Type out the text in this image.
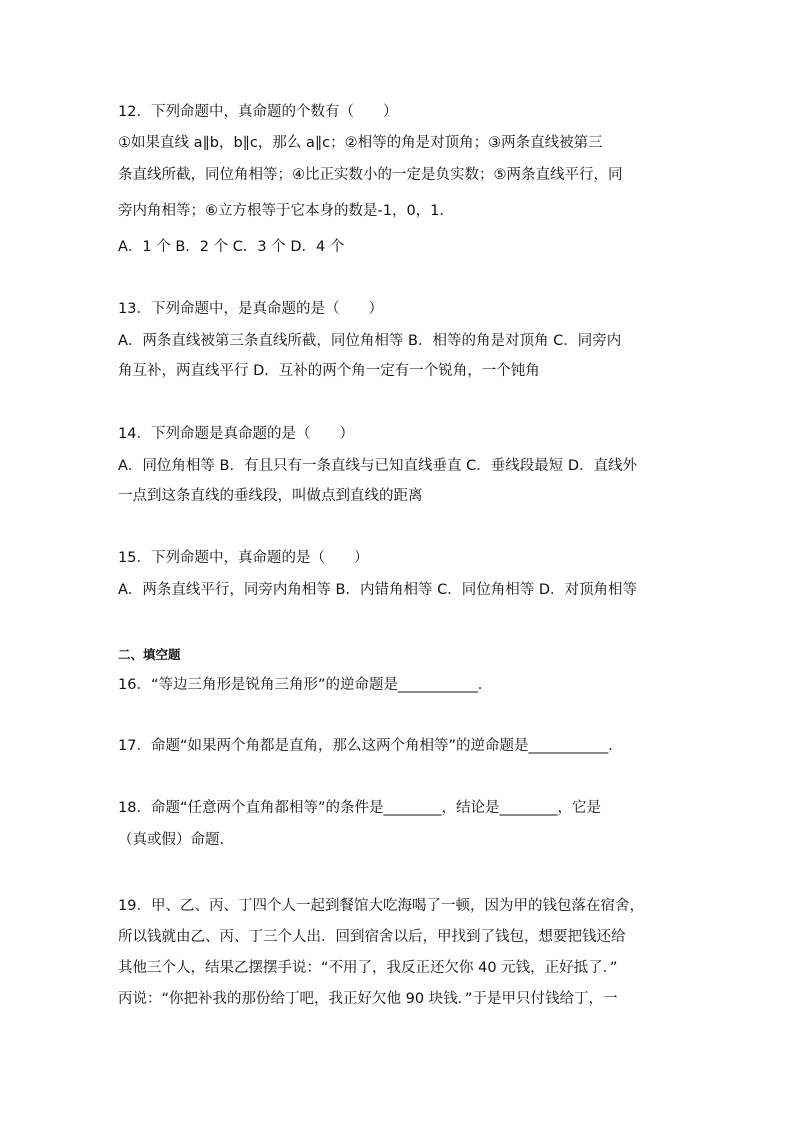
12．下列命题中，真命题的个数有（　　）
①如果直线 a∥b，b∥c，那么 a∥c；②相等的角是对顶角；③两条直线被第三
条直线所截，同位角相等；④比正实数小的一定是负实数；⑤两条直线平行，同
旁内角相等；⑥立方根等于它本身的数是-1，0，1．
A．1 个 B．2 个 C．3 个 D．4 个
13．下列命题中，是真命题的是（　　）
A．两条直线被第三条直线所截，同位角相等 B．相等的角是对顶角 C．同旁内
角互补，两直线平行 D．互补的两个角一定有一个锐角，一个钝角
14．下列命题是真命题的是（　　）
A．同位角相等 B．有且只有一条直线与已知直线垂直 C．垂线段最短 D．直线外
一点到这条直线的垂线段，叫做点到直线的距离
15．下列命题中，真命题的是（　　）
A．两条直线平行，同旁内角相等 B．内错角相等 C．同位角相等 D．对顶角相等
二、填空题
16．“等边三角形是锐角三角形”的逆命题是___________．
17．命题“如果两个角都是直角，那么这两个角相等”的逆命题是___________．
18．命题“任意两个直角都相等”的条件是________，结论是________，它是
（真或假）命题．
19．甲、乙、丙、丁四个人一起到餐馆大吃海喝了一顿，因为甲的钱包落在宿舍，
所以钱就由乙、丙、丁三个人出．回到宿舍以后，甲找到了钱包，想要把钱还给
其他三个人，结果乙摆摆手说：“不用了，我反正还欠你 40 元钱，正好抵了．”
丙说：“你把补我的那份给丁吧，我正好欠他 90 块钱．”于是甲只付钱给丁，一
